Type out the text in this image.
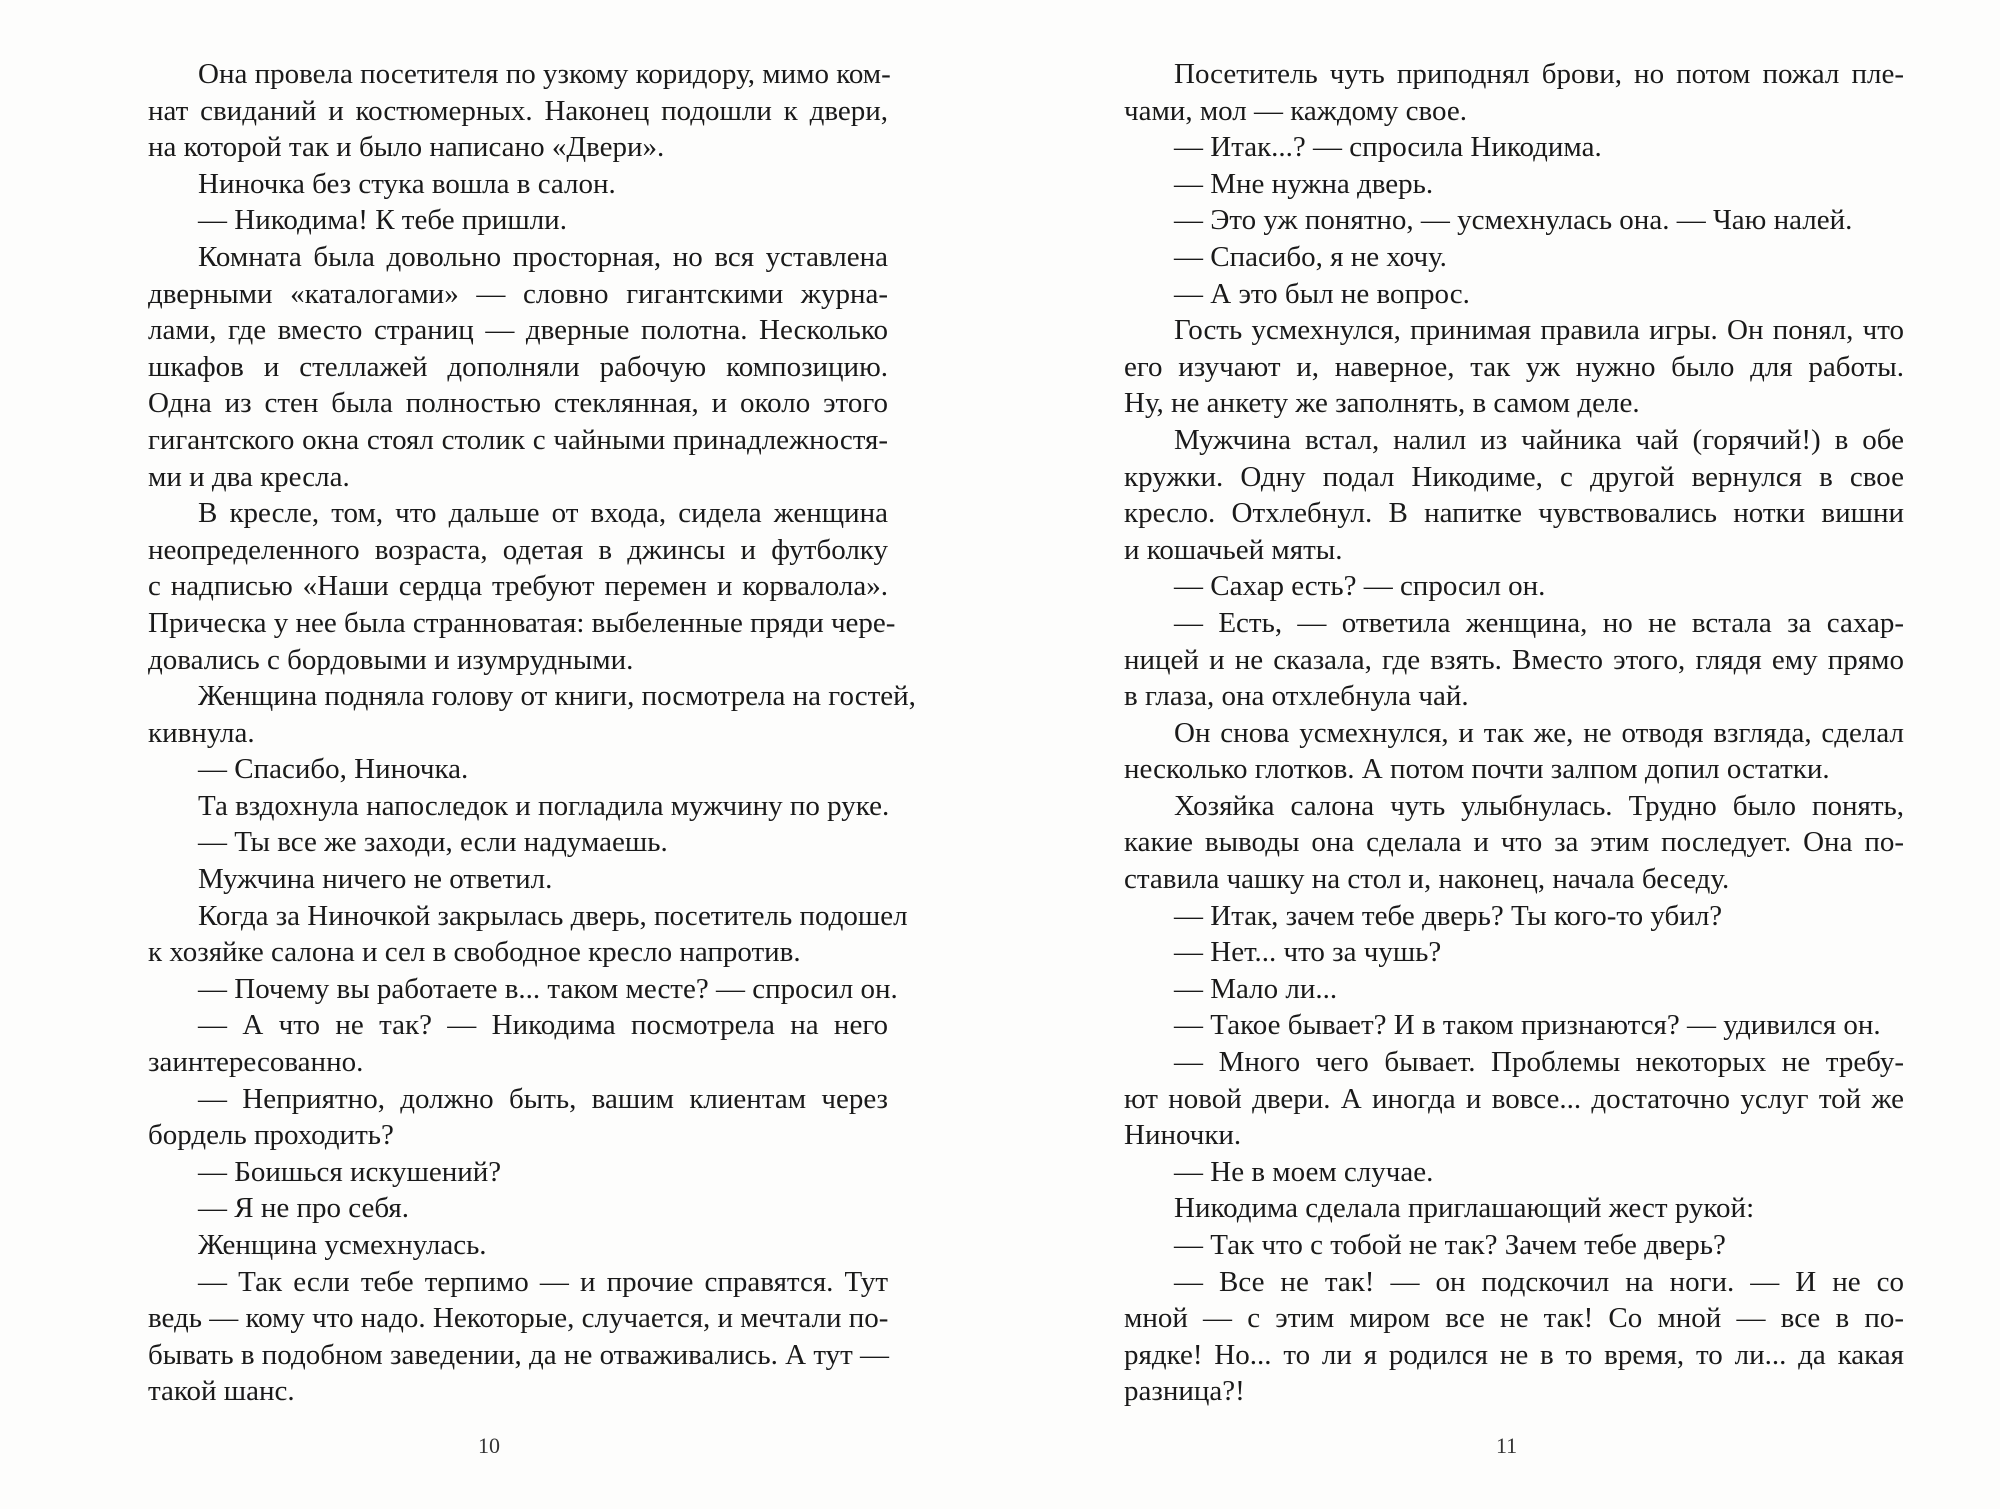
Она провела посетителя по узкому коридору, мимо ком-
нат свиданий и костюмерных. Наконец подошли к двери,
на которой так и было написано «Двери».
Ниночка без стука вошла в салон.
— Никодима! К тебе пришли.
Комната была довольно просторная, но вся уставлена
дверными «каталогами» — словно гигантскими журна-
лами, где вместо страниц — дверные полотна. Несколько
шкафов и стеллажей дополняли рабочую композицию.
Одна из стен была полностью стеклянная, и около этого
гигантского окна стоял столик с чайными принадлежностя-
ми и два кресла.
В кресле, том, что дальше от входа, сидела женщина
неопределенного возраста, одетая в джинсы и футболку
с надписью «Наши сердца требуют перемен и корвалола».
Прическа у нее была странноватая: выбеленные пряди чере-
довались с бордовыми и изумрудными.
Женщина подняла голову от книги, посмотрела на гостей,
кивнула.
— Спасибо, Ниночка.
Та вздохнула напоследок и погладила мужчину по руке.
— Ты все же заходи, если надумаешь.
Мужчина ничего не ответил.
Когда за Ниночкой закрылась дверь, посетитель подошел
к хозяйке салона и сел в свободное кресло напротив.
— Почему вы работаете в... таком месте? — спросил он.
— А что не так? — Никодима посмотрела на него
заинтересованно.
— Неприятно, должно быть, вашим клиентам через
бордель проходить?
— Боишься искушений?
— Я не про себя.
Женщина усмехнулась.
— Так если тебе терпимо — и прочие справятся. Тут
ведь — кому что надо. Некоторые, случается, и мечтали по-
бывать в подобном заведении, да не отваживались. А тут —
такой шанс.
Посетитель чуть приподнял брови, но потом пожал пле-
чами, мол — каждому свое.
— Итак...? — спросила Никодима.
— Мне нужна дверь.
— Это уж понятно, — усмехнулась она. — Чаю налей.
— Спасибо, я не хочу.
— А это был не вопрос.
Гость усмехнулся, принимая правила игры. Он понял, что
его изучают и, наверное, так уж нужно было для работы.
Ну, не анкету же заполнять, в самом деле.
Мужчина встал, налил из чайника чай (горячий!) в обе
кружки. Одну подал Никодиме, с другой вернулся в свое
кресло. Отхлебнул. В напитке чувствовались нотки вишни
и кошачьей мяты.
— Сахар есть? — спросил он.
— Есть, — ответила женщина, но не встала за сахар-
ницей и не сказала, где взять. Вместо этого, глядя ему прямо
в глаза, она отхлебнула чай.
Он снова усмехнулся, и так же, не отводя взгляда, сделал
несколько глотков. А потом почти залпом допил остатки.
Хозяйка салона чуть улыбнулась. Трудно было понять,
какие выводы она сделала и что за этим последует. Она по-
ставила чашку на стол и, наконец, начала беседу.
— Итак, зачем тебе дверь? Ты кого-то убил?
— Нет... что за чушь?
— Мало ли...
— Такое бывает? И в таком признаются? — удивился он.
— Много чего бывает. Проблемы некоторых не требу-
ют новой двери. А иногда и вовсе... достаточно услуг той же
Ниночки.
— Не в моем случае.
Никодима сделала приглашающий жест рукой:
— Так что с тобой не так? Зачем тебе дверь?
— Все не так! — он подскочил на ноги. — И не со
мной — с этим миром все не так! Со мной — все в по-
рядке! Но... то ли я родился не в то время, то ли... да какая
разница?!
10	11
